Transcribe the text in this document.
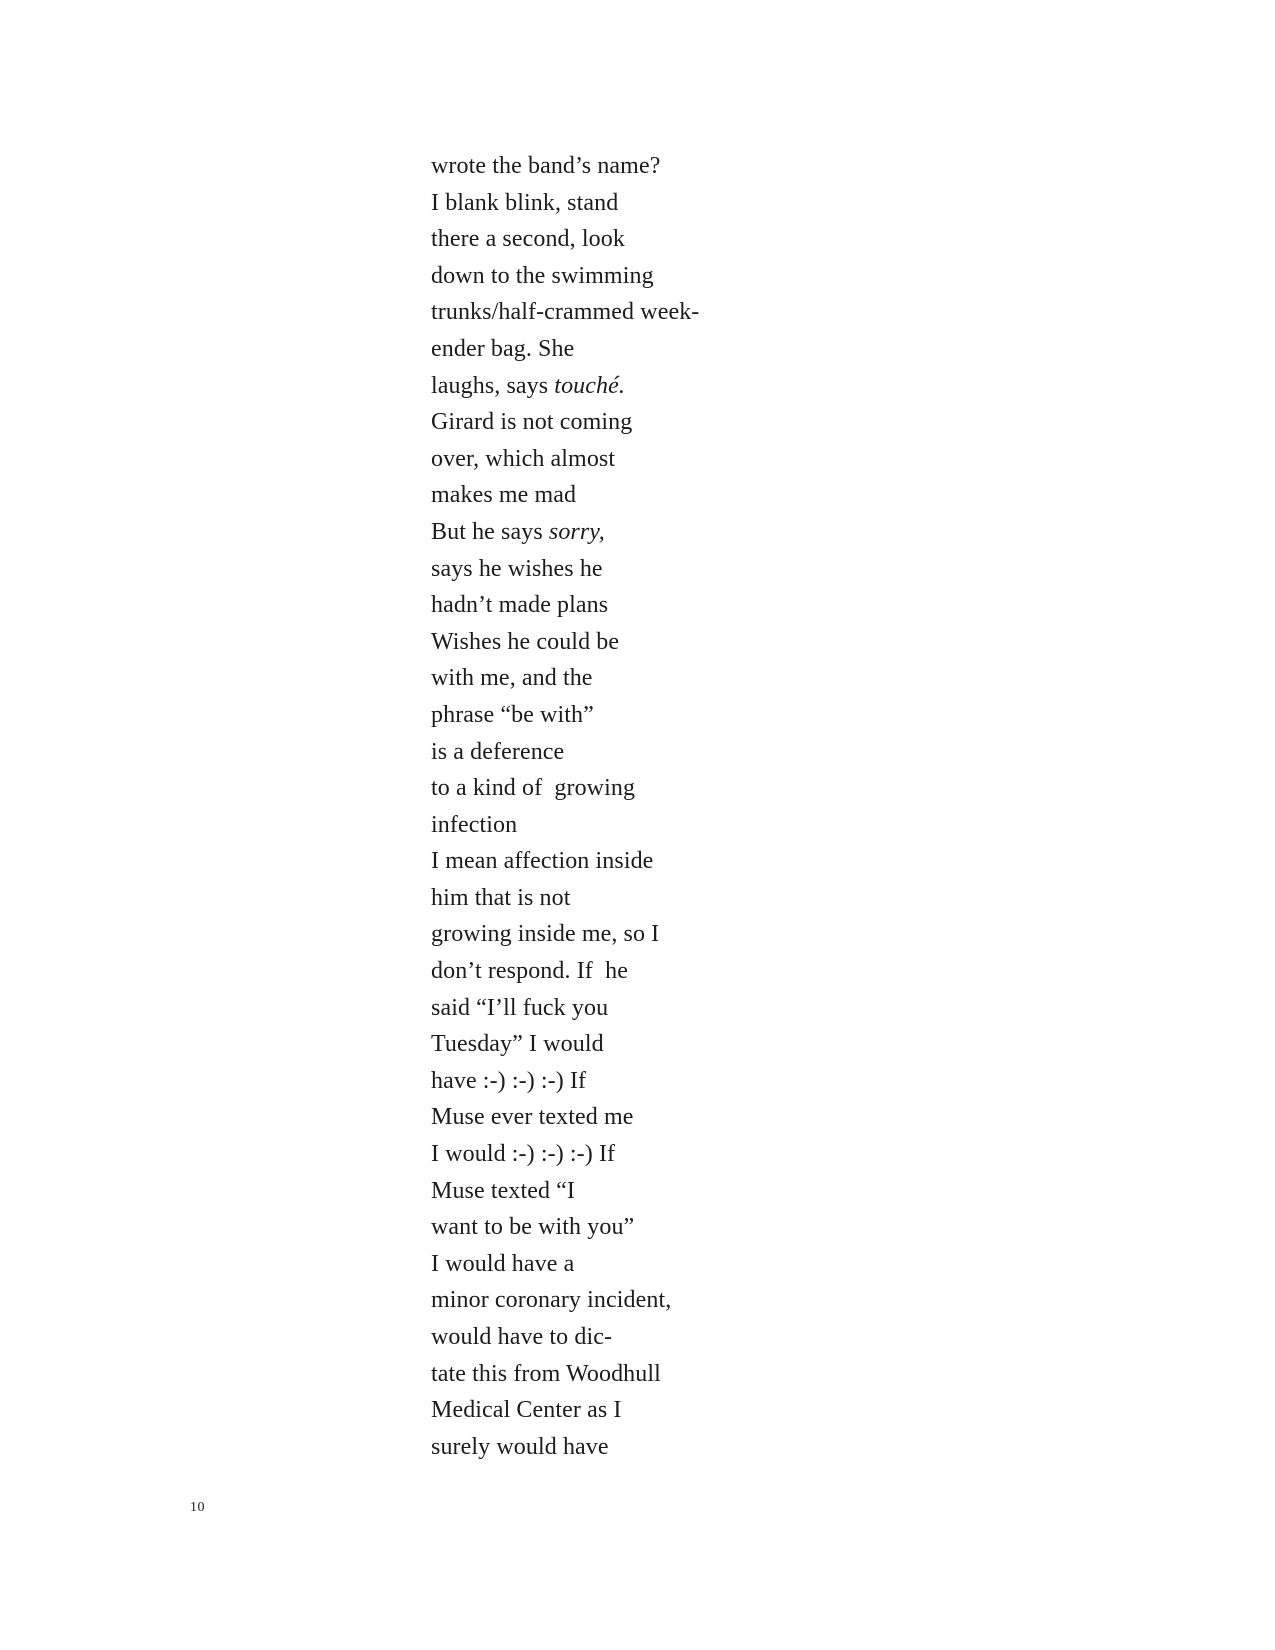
wrote the band’s name?
I blank blink, stand
there a second, look
down to the swimming
trunks/half-crammed week-
ender bag. She
laughs, says touché.
Girard is not coming
over, which almost
makes me mad
But he says sorry,
says he wishes he
hadn’t made plans
Wishes he could be
with me, and the
phrase “be with”
is a deference
to a kind of  growing
infection
I mean affection inside
him that is not
growing inside me, so I
don’t respond. If  he
said “I’ll fuck you
Tuesday” I would
have :-) :-) :-) If
Muse ever texted me
I would :-) :-) :-) If
Muse texted “I
want to be with you”
I would have a
minor coronary incident,
would have to dic-
tate this from Woodhull
Medical Center as I
surely would have
10
